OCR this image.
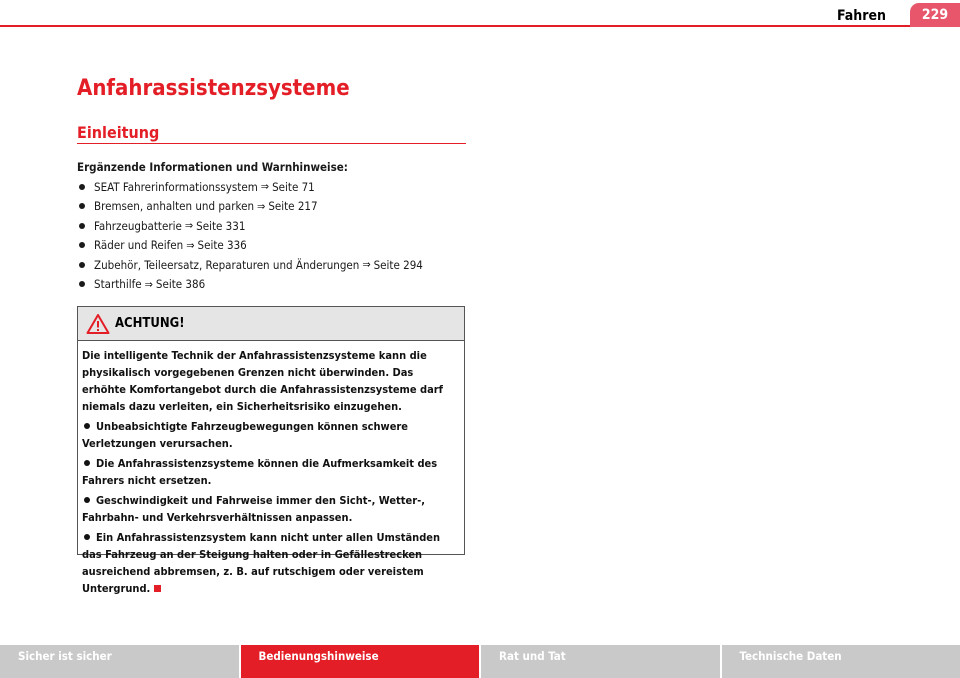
Fahren	229
Anfahrassistenzsysteme
Einleitung
Ergänzende Informationen und Warnhinweise:
SEAT Fahrerinformationssystem ⇒ Seite 71
Bremsen, anhalten und parken ⇒ Seite 217
Fahrzeugbatterie ⇒ Seite 331
Räder und Reifen ⇒ Seite 336
Zubehör, Teileersatz, Reparaturen und Änderungen ⇒ Seite 294
Starthilfe ⇒ Seite 386
ACHTUNG!

Die intelligente Technik der Anfahrassistenzsysteme kann die physikalisch vorgegebenen Grenzen nicht überwinden. Das erhöhte Komfortangebot durch die Anfahrassistenzsysteme darf niemals dazu verleiten, ein Sicherheitsrisiko einzugehen.

Unbeabsichtigte Fahrzeugbewegungen können schwere Verletzungen verursachen.

Die Anfahrassistenzsysteme können die Aufmerksamkeit des Fahrers nicht ersetzen.

Geschwindigkeit und Fahrweise immer den Sicht-, Wetter-, Fahrbahn- und Verkehrsverhältnissen anpassen.

Ein Anfahrassistenzsystem kann nicht unter allen Umständen das Fahrzeug an der Steigung halten oder in Gefällestrecken ausreichend abbremsen, z. B. auf rutschigem oder vereistem Untergrund.

Sicher ist sicher	Bedienungshinweise	Rat und Tat	Technische Daten
